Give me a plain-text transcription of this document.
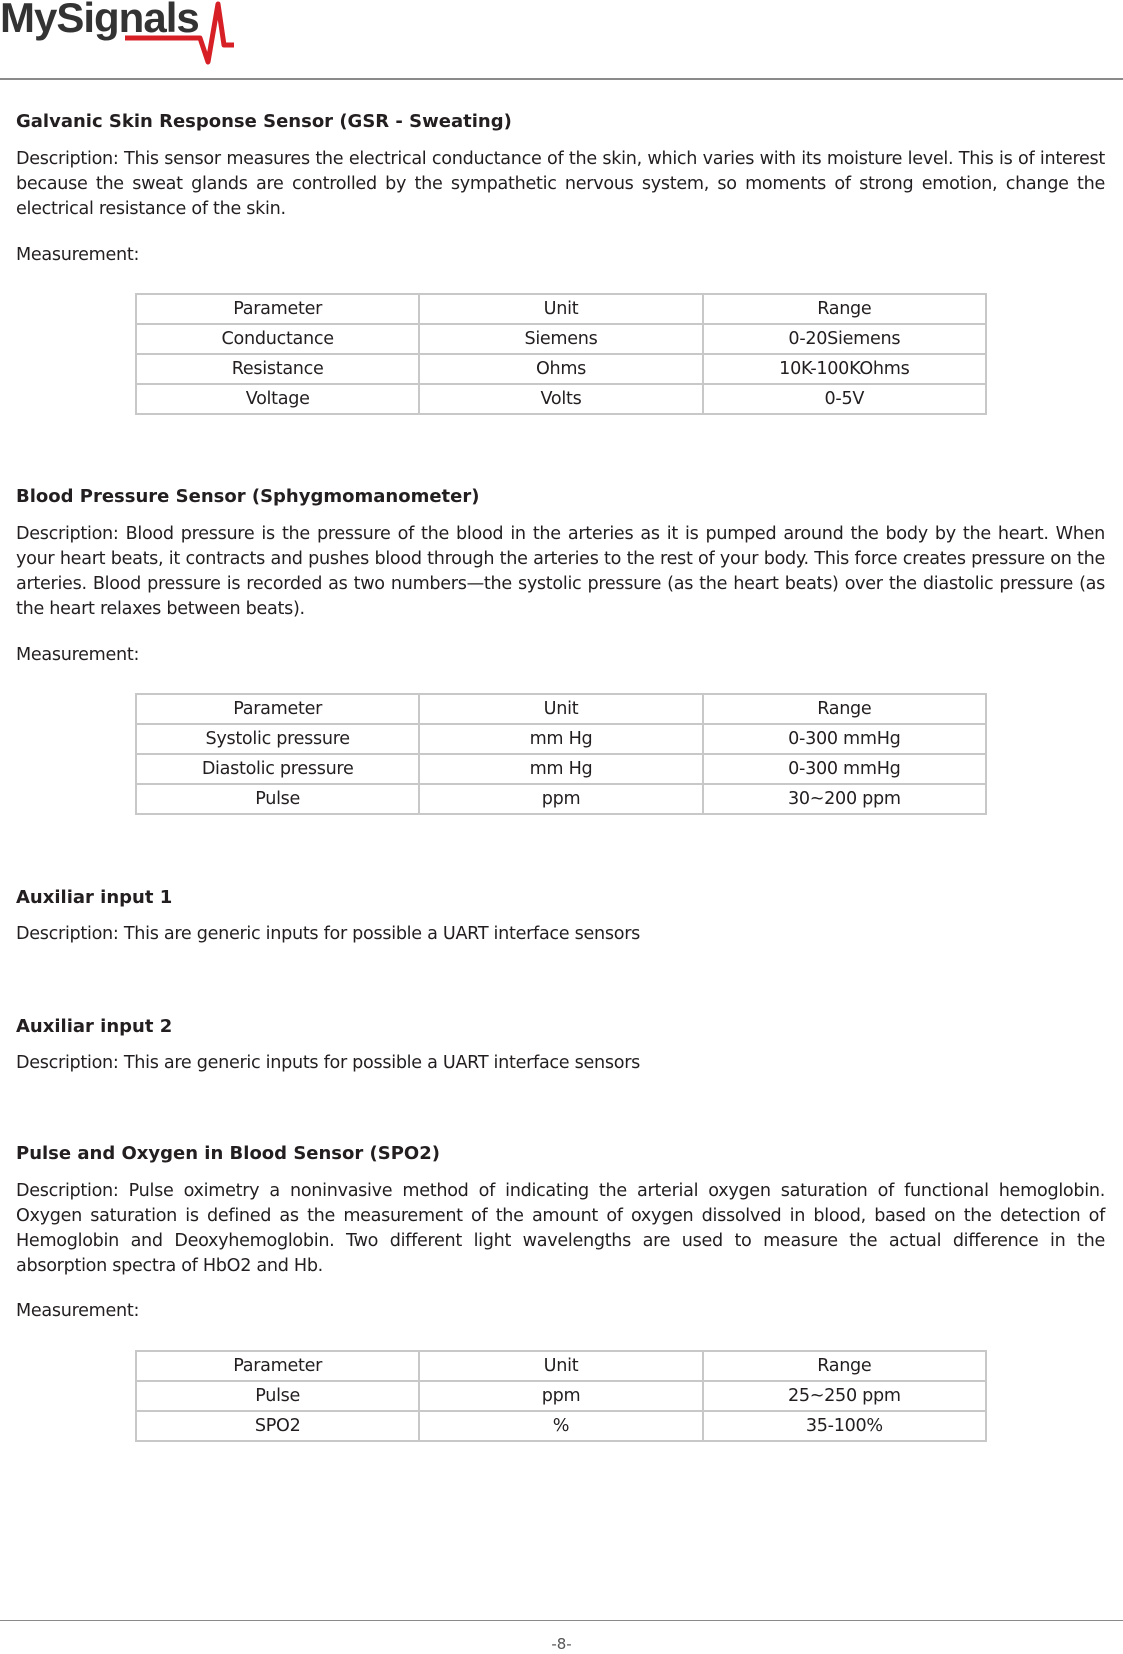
MySignals
Galvanic Skin Response Sensor (GSR - Sweating)
Description: This sensor measures the electrical conductance of the skin, which varies with its moisture level. This is of interest because the sweat glands are controlled by the sympathetic nervous system, so moments of strong emotion, change the electrical resistance of the skin.
Measurement:
Parameter	Unit	Range
Conductance	Siemens	0-20Siemens
Resistance	Ohms	10K-100KOhms
Voltage	Volts	0-5V
Blood Pressure Sensor (Sphygmomanometer)
Description: Blood pressure is the pressure of the blood in the arteries as it is pumped around the body by the heart. When your heart beats, it contracts and pushes blood through the arteries to the rest of your body. This force creates pressure on the arteries. Blood pressure is recorded as two numbers—the systolic pressure (as the heart beats) over the diastolic pressure (as the heart relaxes between beats).
Measurement:
Parameter	Unit	Range
Systolic pressure	mm Hg	0-300 mmHg
Diastolic pressure	mm Hg	0-300 mmHg
Pulse	ppm	30~200 ppm
Auxiliar input 1
Description: This are generic inputs for possible a UART interface sensors
Auxiliar input 2
Description: This are generic inputs for possible a UART interface sensors
Pulse and Oxygen in Blood Sensor (SPO2)
Description: Pulse oximetry a noninvasive method of indicating the arterial oxygen saturation of functional hemoglobin. Oxygen saturation is defined as the measurement of the amount of oxygen dissolved in blood, based on the detection of Hemoglobin and Deoxyhemoglobin. Two different light wavelengths are used to measure the actual difference in the absorption spectra of HbO2 and Hb.
Measurement:
Parameter	Unit	Range
Pulse	ppm	25~250 ppm
SPO2	%	35-100%
-8-
